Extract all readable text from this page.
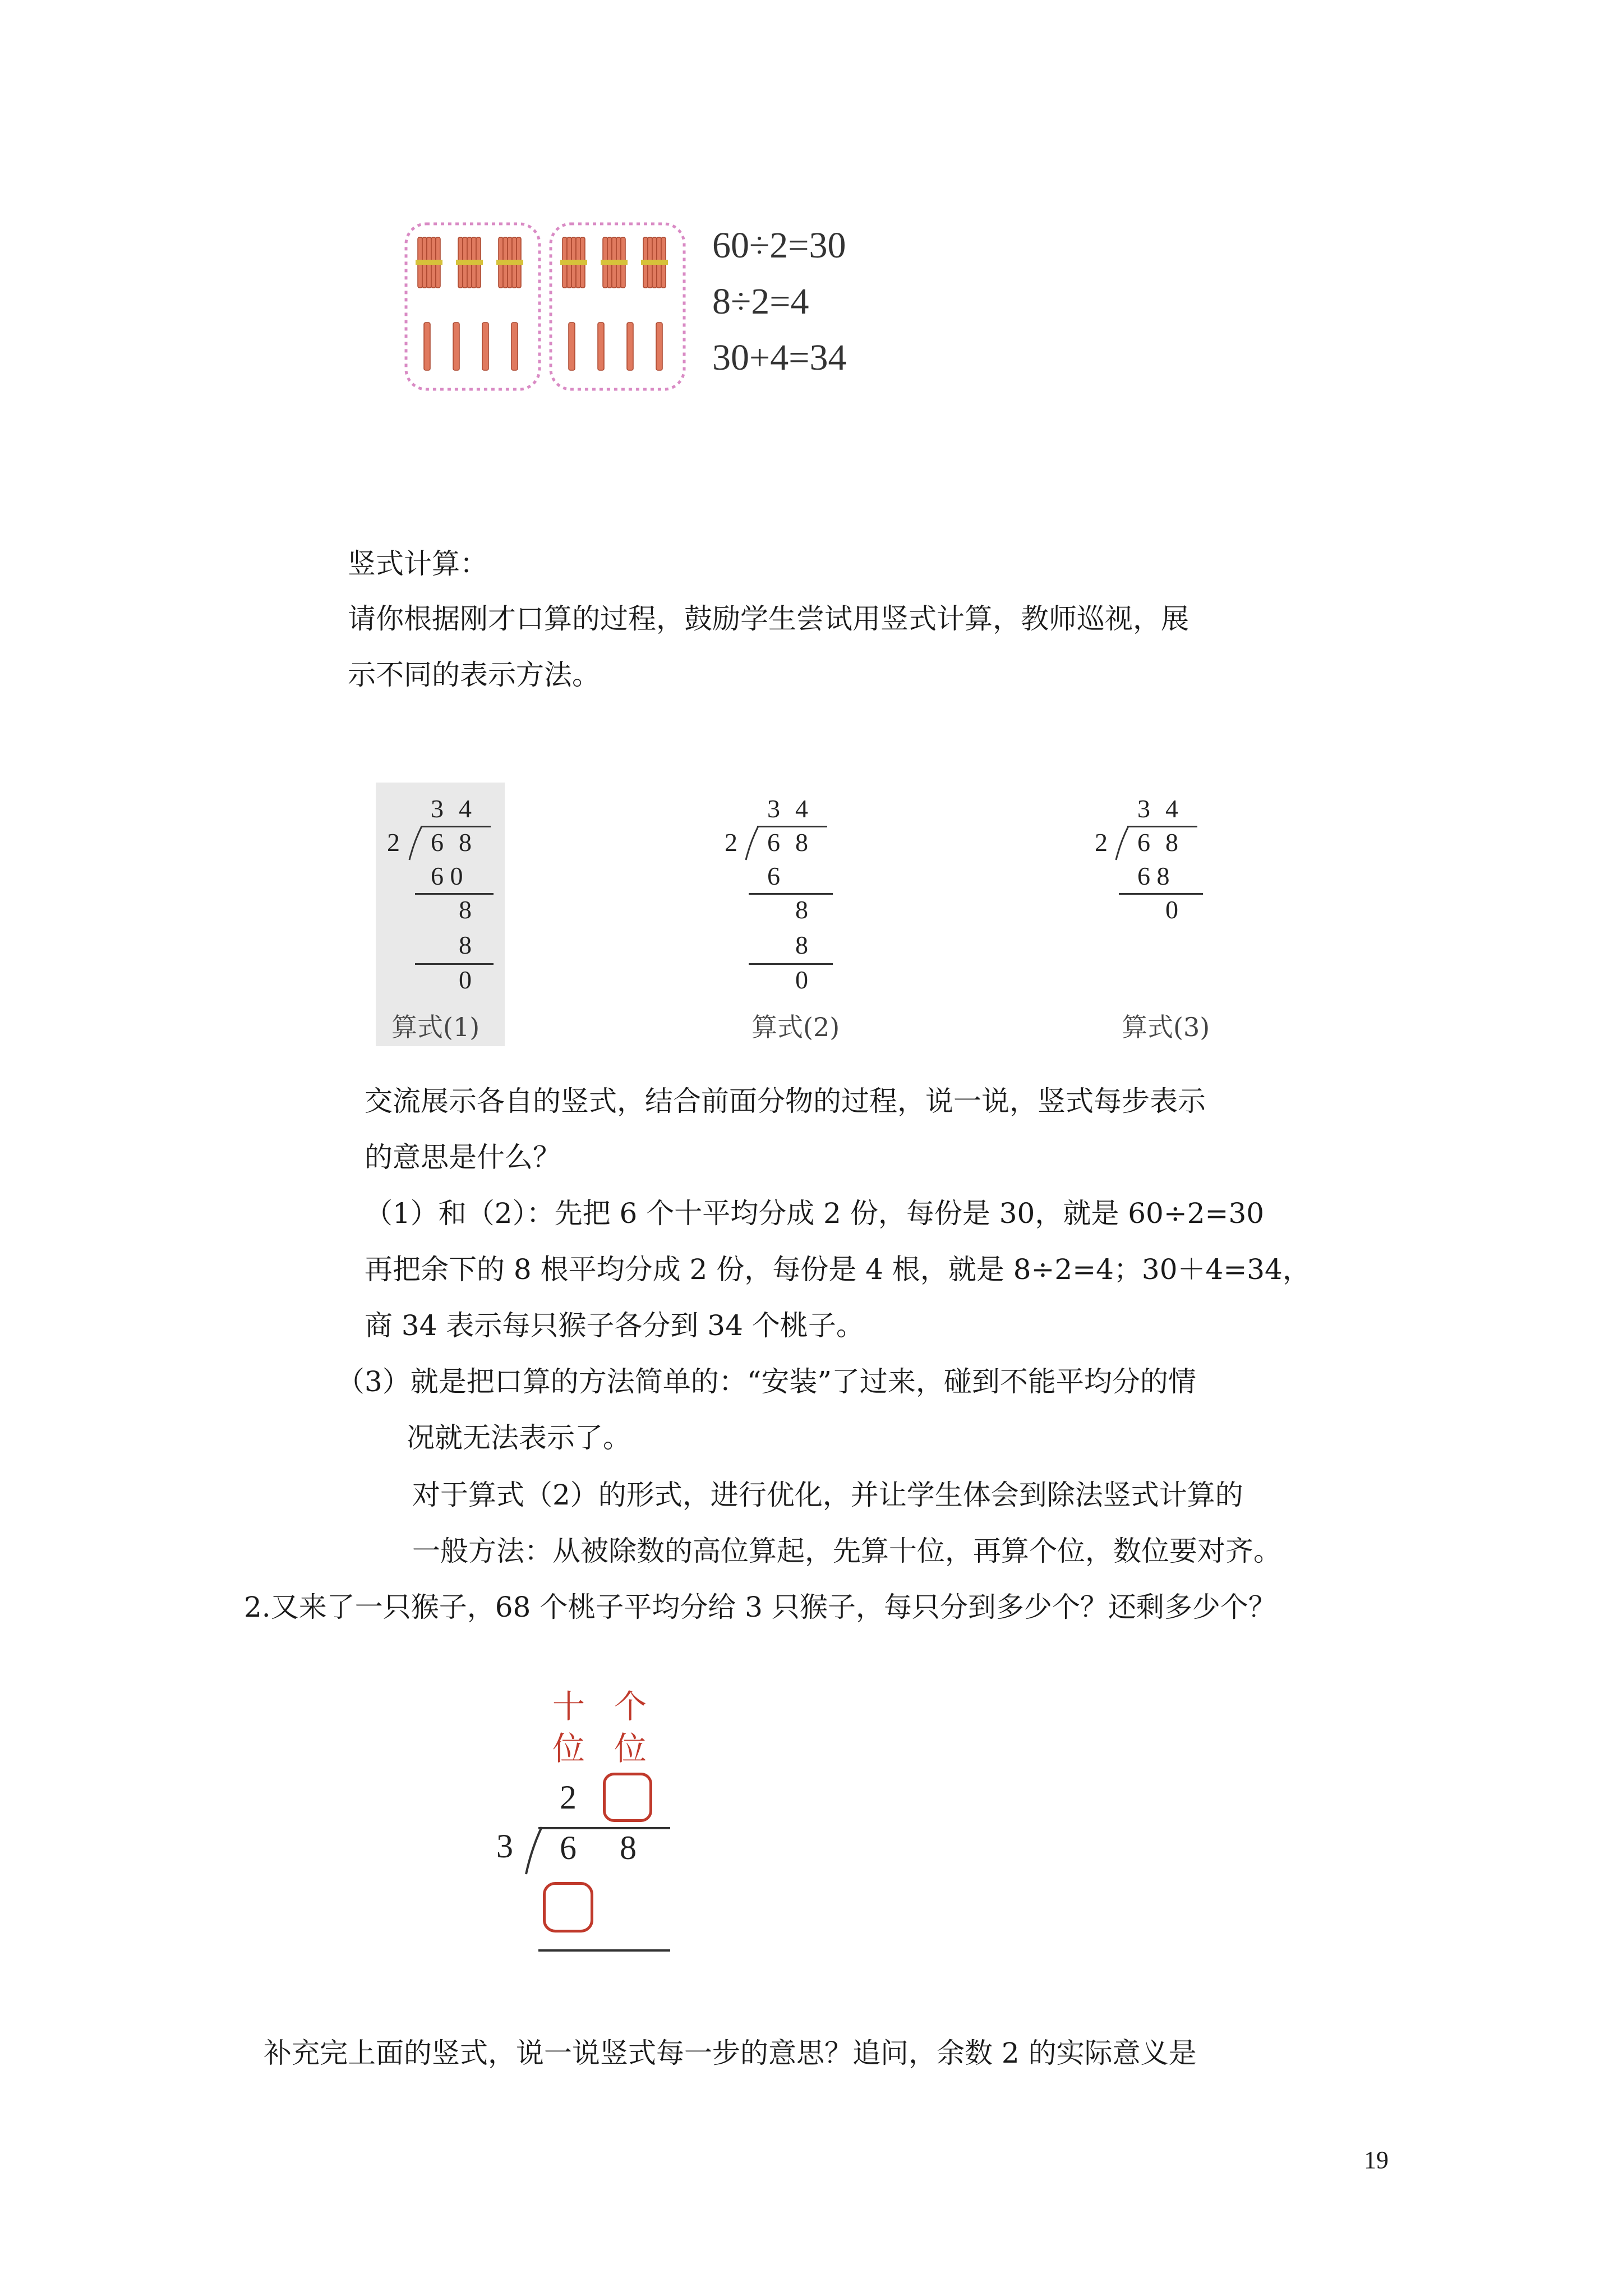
60÷2=30
8÷2=4
30+4=34
竖式计算：
请你根据刚才口算的过程，鼓励学生尝试用竖式计算，教师巡视，展
示不同的表示方法。
3 4
2 6 8
6 0
8
8
0
算式(1)
3 4
2 6 8
6
8
8
0
算式(2)
3 4
2 6 8
6 8
0
算式(3)
交流展示各自的竖式，结合前面分物的过程，说一说，竖式每步表示
的意思是什么？
（1）和（2）：先把 6 个十平均分成 2 份，每份是 30，就是 60÷2=30
再把余下的 8 根平均分成 2 份，每份是 4 根，就是 8÷2=4；30＋4=34，
商 34 表示每只猴子各分到 34 个桃子。
（3）就是把口算的方法简单的：“安装”了过来，碰到不能平均分的情
况就无法表示了。
对于算式（2）的形式，进行优化，并让学生体会到除法竖式计算的
一般方法：从被除数的高位算起，先算十位，再算个位，数位要对齐。
2.又来了一只猴子，68 个桃子平均分给 3 只猴子，每只分到多少个？还剩多少个？
十 个
位 位
2
3 6 8
补充完上面的竖式，说一说竖式每一步的意思？追问，余数 2 的实际意义是
19
